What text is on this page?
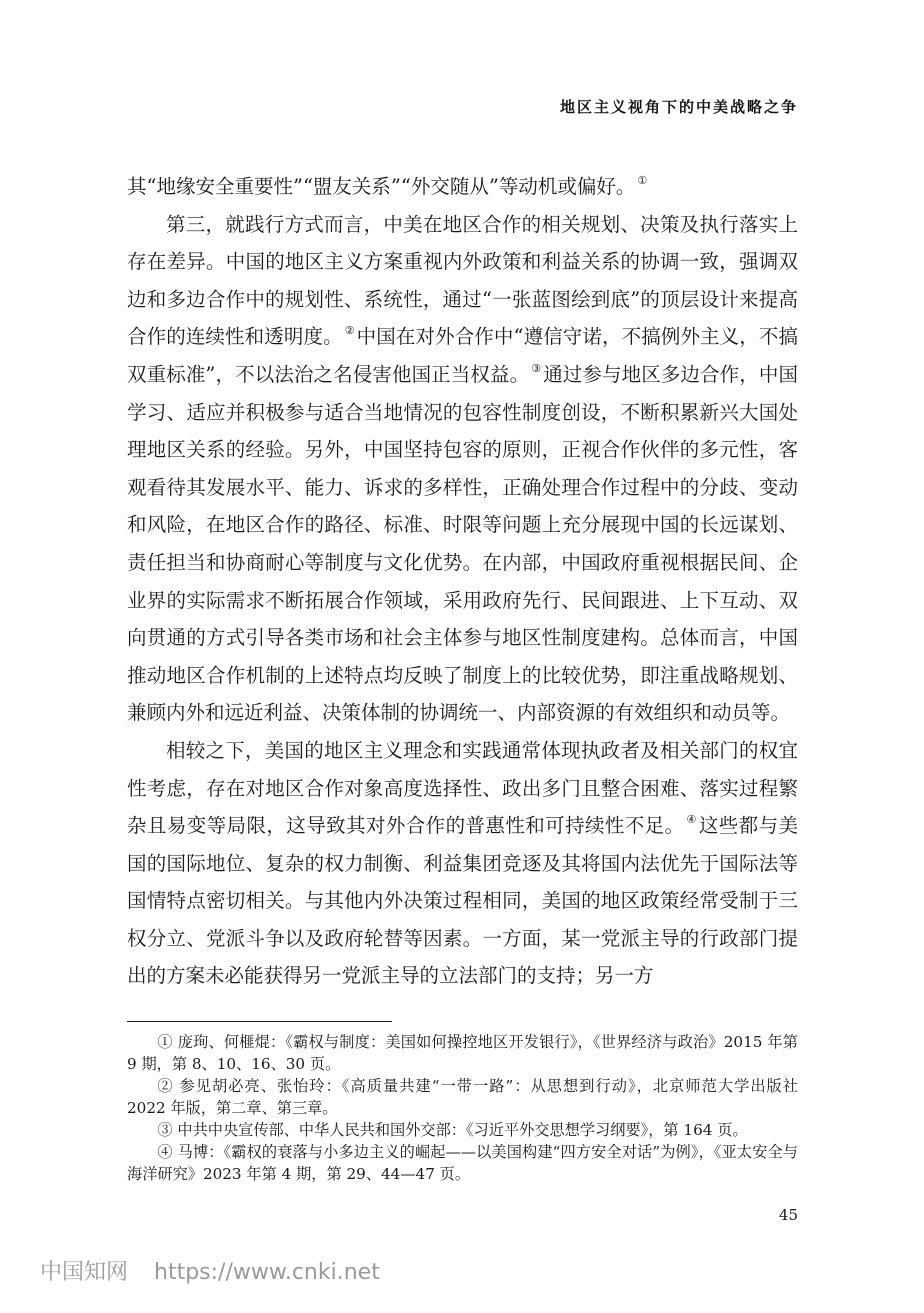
地区主义视角下的中美战略之争

其“地缘安全重要性”“盟友关系”“外交随从”等动机或偏好。 ①

第三，就践行方式而言，中美在地区合作的相关规划、决策及执行落实上存在差异。中国的地区主义方案重视内外政策和利益关系的协调一致，强调双边和多边合作中的规划性、系统性，通过“一张蓝图绘到底”的顶层设计来提高合作的连续性和透明度。 ② 中国在对外合作中“遵信守诺，不搞例外主义，不搞双重标准”，不以法治之名侵害他国正当权益。 ③ 通过参与地区多边合作，中国学习、适应并积极参与适合当地情况的包容性制度创设，不断积累新兴大国处理地区关系的经验。另外，中国坚持包容的原则，正视合作伙伴的多元性，客观看待其发展水平、能力、诉求的多样性，正确处理合作过程中的分歧、变动和风险，在地区合作的路径、标准、时限等问题上充分展现中国的长远谋划、责任担当和协商耐心等制度与文化优势。在内部，中国政府重视根据民间、企业界的实际需求不断拓展合作领域，采用政府先行、民间跟进、上下互动、双向贯通的方式引导各类市场和社会主体参与地区性制度建构。总体而言，中国推动地区合作机制的上述特点均反映了制度上的比较优势，即注重战略规划、兼顾内外和远近利益、决策体制的协调统一、内部资源的有效组织和动员等。

相较之下，美国的地区主义理念和实践通常体现执政者及相关部门的权宜性考虑，存在对地区合作对象高度选择性、政出多门且整合困难、落实过程繁杂且易变等局限，这导致其对外合作的普惠性和可持续性不足。 ④ 这些都与美国的国际地位、复杂的权力制衡、利益集团竞逐及其将国内法优先于国际法等国情特点密切相关。与其他内外决策过程相同，美国的地区政策经常受制于三权分立、党派斗争以及政府轮替等因素。一方面，某一党派主导的行政部门提出的方案未必能获得另一党派主导的立法部门的支持；另一方

① 庞珣、何榧焜：《霸权与制度：美国如何操控地区开发银行》，《世界经济与政治》2015 年第 9 期，第 8、10、16、30 页。

② 参见胡必亮、张怡玲：《高质量共建“一带一路”：从思想到行动》，北京师范大学出版社 2022 年版，第二章、第三章。

③ 中共中央宣传部、中华人民共和国外交部：《习近平外交思想学习纲要》，第 164 页。

④ 马博：《霸权的衰落与小多边主义的崛起——以美国构建“四方安全对话”为例》，《亚太安全与海洋研究》2023 年第 4 期，第 29、44—47 页。

45
中国知网 https://www.cnki.net
